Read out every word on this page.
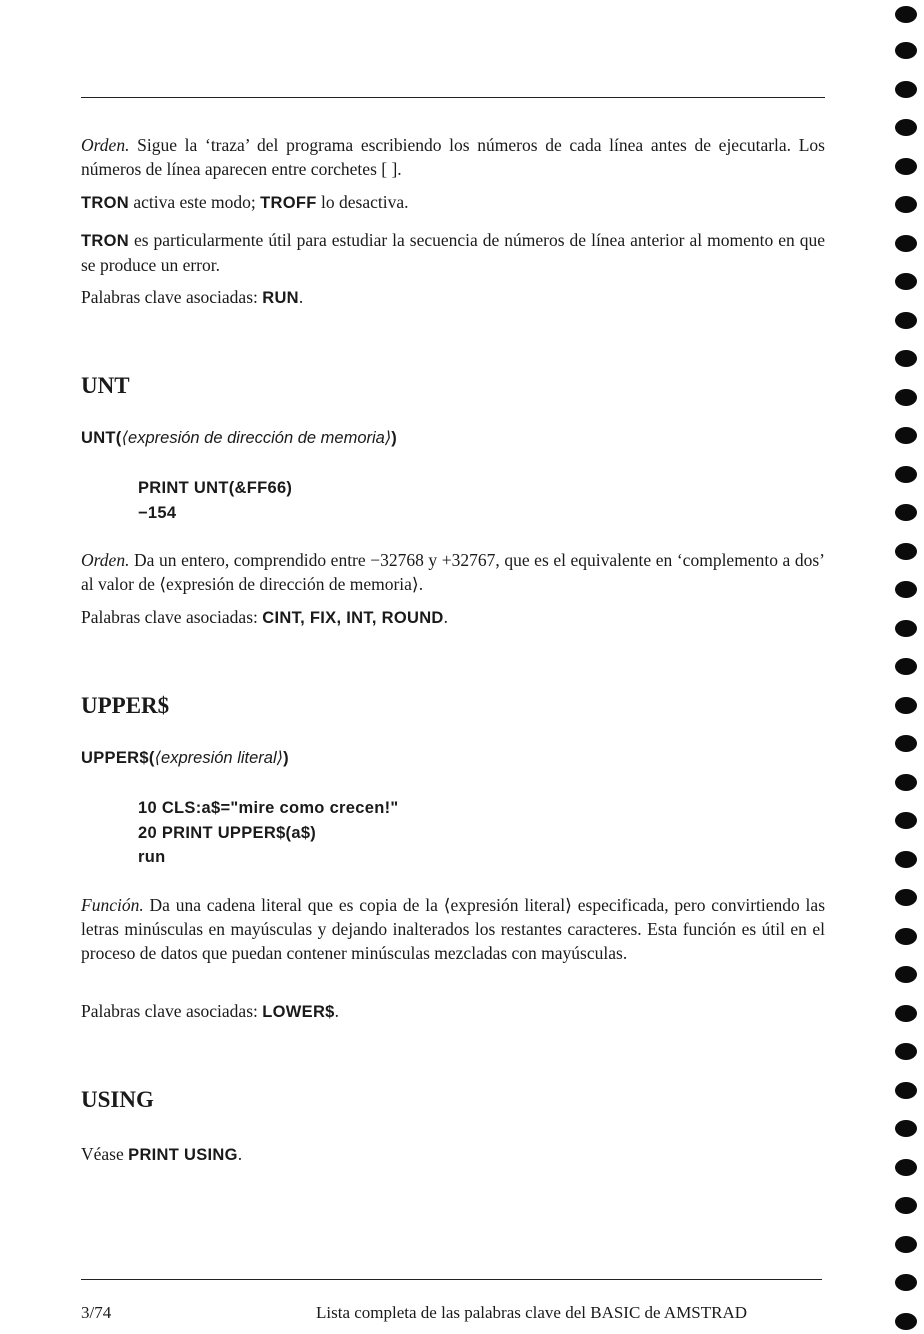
Orden. Sigue la ‘traza’ del programa escribiendo los números de cada línea antes de ejecutarla. Los números de línea aparecen entre corchetes [ ].
TRON activa este modo; TROFF lo desactiva.
TRON es particularmente útil para estudiar la secuencia de números de línea anterior al momento en que se produce un error.
Palabras clave asociadas: RUN.
UNT
UNT(⟨expresión de dirección de memoria⟩)
PRINT UNT(&FF66)
−154
Orden. Da un entero, comprendido entre −32768 y +32767, que es el equivalente en ‘complemento a dos’ al valor de ⟨expresión de dirección de memoria⟩.
Palabras clave asociadas: CINT, FIX, INT, ROUND.
UPPER$
UPPER$(⟨expresión literal⟩)
10 CLS:a$="mire como crecen!"
20 PRINT UPPER$(a$)
run
Función. Da una cadena literal que es copia de la ⟨expresión literal⟩ especificada, pero convirtiendo las letras minúsculas en mayúsculas y dejando inalterados los restantes caracteres. Esta función es útil en el proceso de datos que puedan contener minúsculas mezcladas con mayúsculas.
Palabras clave asociadas: LOWER$.
USING
Véase PRINT USING.
3/74	Lista completa de las palabras clave del BASIC de AMSTRAD
